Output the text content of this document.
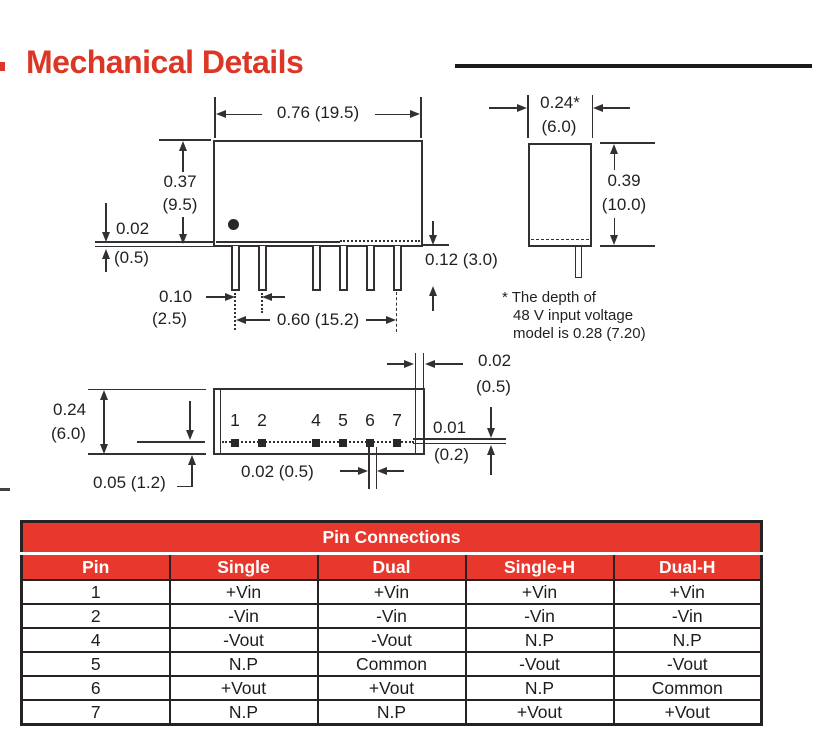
Mechanical Details
0.76 (19.5)
0.37
(9.5)
0.02
(0.5)	0.12 (3.0)
0.10
(2.5)	0.60 (15.2)
0.24*
(6.0)
0.39
(10.0)
* The depth of
48 V input voltage
model is 0.28 (7.20)
1 2	4 5 6 7
0.02
(0.5)
0.01
(0.2)
0.02 (0.5)
0.24
(6.0)
0.05 (1.2)
Pin Connections				
Pin	Single	Dual	Single-H	Dual-H
1	+Vin	+Vin	+Vin	+Vin
2	-Vin	-Vin	-Vin	-Vin
4	-Vout	-Vout	N.P	N.P
5	N.P	Common	-Vout	-Vout
6	+Vout	+Vout	N.P	Common
7	N.P	N.P	+Vout	+Vout
